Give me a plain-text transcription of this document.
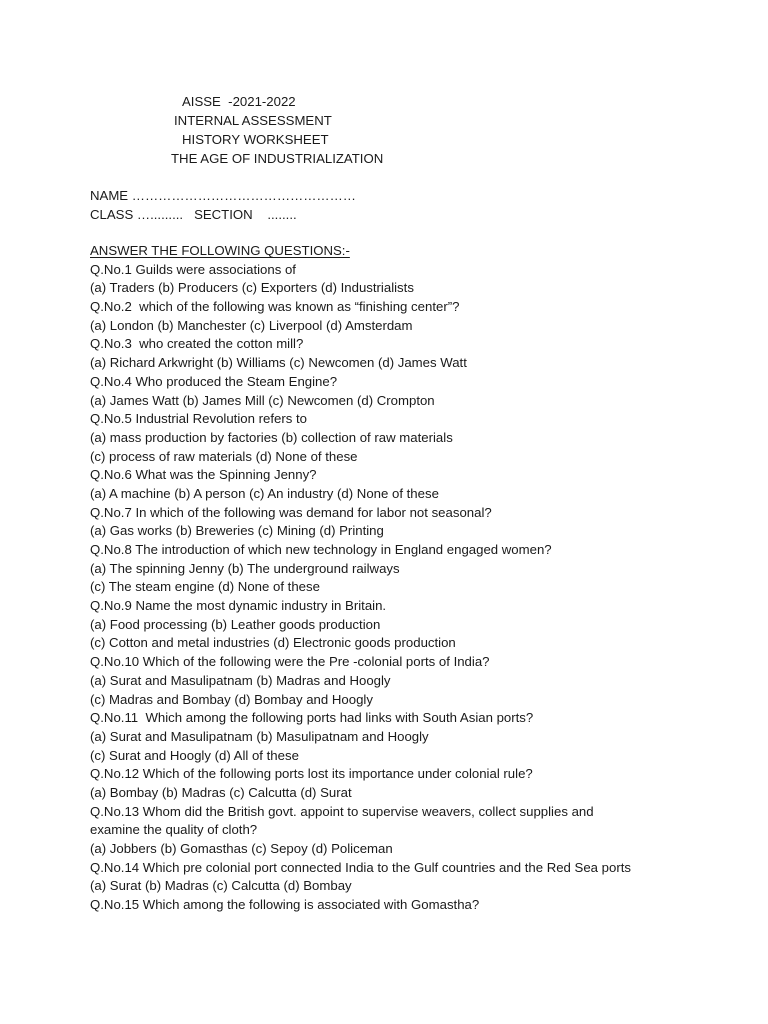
AISSE  -2021-2022
INTERNAL ASSESSMENT
HISTORY WORKSHEET
THE AGE OF INDUSTRIALIZATION
NAME ……………………………………………
CLASS ….........   SECTION    ........
ANSWER THE FOLLOWING QUESTIONS:-
Q.No.1 Guilds were associations of
(a) Traders (b) Producers (c) Exporters (d) Industrialists
Q.No.2  which of the following was known as “finishing center”?
(a) London (b) Manchester (c) Liverpool (d) Amsterdam
Q.No.3  who created the cotton mill?
(a) Richard Arkwright (b) Williams (c) Newcomen (d) James Watt
Q.No.4 Who produced the Steam Engine?
(a) James Watt (b) James Mill (c) Newcomen (d) Crompton
Q.No.5 Industrial Revolution refers to
(a) mass production by factories (b) collection of raw materials
(c) process of raw materials (d) None of these
Q.No.6 What was the Spinning Jenny?
(a) A machine (b) A person (c) An industry (d) None of these
Q.No.7 In which of the following was demand for labor not seasonal?
(a) Gas works (b) Breweries (c) Mining (d) Printing
Q.No.8 The introduction of which new technology in England engaged women?
(a) The spinning Jenny (b) The underground railways
(c) The steam engine (d) None of these
Q.No.9 Name the most dynamic industry in Britain.
(a) Food processing (b) Leather goods production
(c) Cotton and metal industries (d) Electronic goods production
Q.No.10 Which of the following were the Pre -colonial ports of India?
(a) Surat and Masulipatnam (b) Madras and Hoogly
(c) Madras and Bombay (d) Bombay and Hoogly
Q.No.11  Which among the following ports had links with South Asian ports?
(a) Surat and Masulipatnam (b) Masulipatnam and Hoogly
(c) Surat and Hoogly (d) All of these
Q.No.12 Which of the following ports lost its importance under colonial rule?
(a) Bombay (b) Madras (c) Calcutta (d) Surat
Q.No.13 Whom did the British govt. appoint to supervise weavers, collect supplies and
examine the quality of cloth?
(a) Jobbers (b) Gomasthas (c) Sepoy (d) Policeman
Q.No.14 Which pre colonial port connected India to the Gulf countries and the Red Sea ports
(a) Surat (b) Madras (c) Calcutta (d) Bombay
Q.No.15 Which among the following is associated with Gomastha?
